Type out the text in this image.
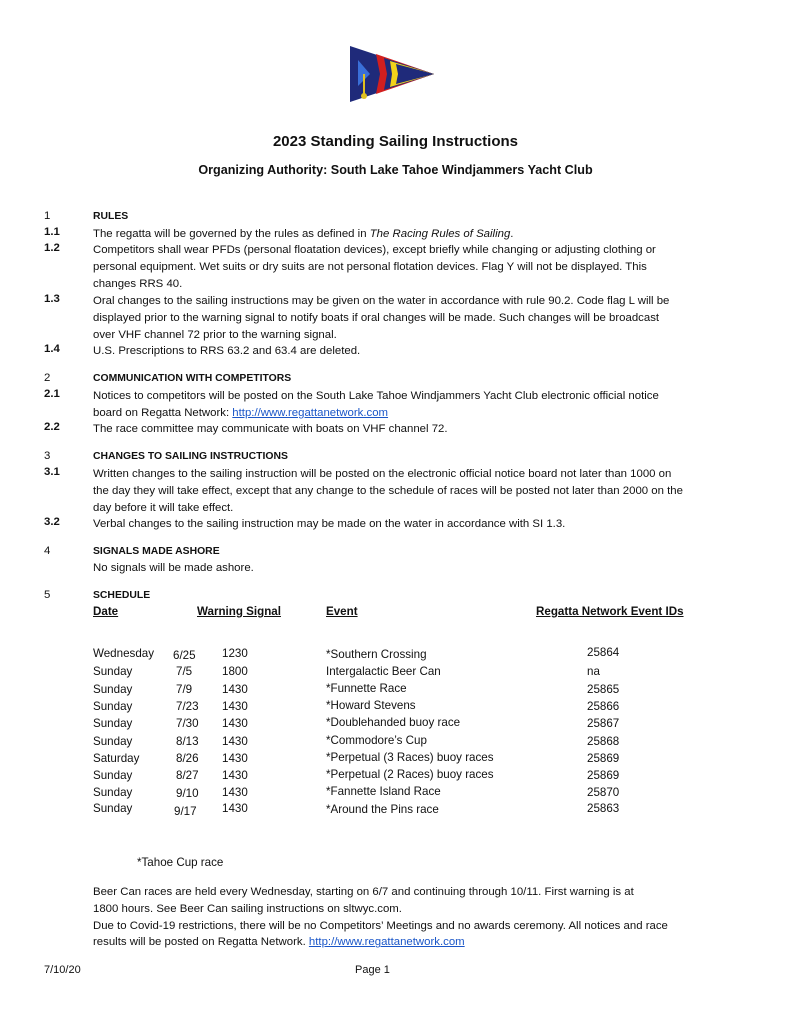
2023 Standing Sailing Instructions
Organizing Authority: South Lake Tahoe Windjammers Yacht Club
1	RULES
1.1	The regatta will be governed by the rules as defined in The Racing Rules of Sailing.
1.2	Competitors shall wear PFDs (personal floatation devices), except briefly while changing or adjusting clothing or
personal equipment. Wet suits or dry suits are not personal flotation devices. Flag Y will not be displayed. This
changes RRS 40.
1.3	Oral changes to the sailing instructions may be given on the water in accordance with rule 90.2. Code flag L will be
displayed prior to the warning signal to notify boats if oral changes will be made. Such changes will be broadcast
over VHF channel 72 prior to the warning signal.
1.4	U.S. Prescriptions to RRS 63.2 and 63.4 are deleted.
2	COMMUNICATION WITH COMPETITORS
2.1	Notices to competitors will be posted on the South Lake Tahoe Windjammers Yacht Club electronic official notice
board on Regatta Network: http://www.regattanetwork.com
2.2	The race committee may communicate with boats on VHF channel 72.
3	CHANGES TO SAILING INSTRUCTIONS
3.1	Written changes to the sailing instruction will be posted on the electronic official notice board not later than 1000 on
the day they will take effect, except that any change to the schedule of races will be posted not later than 2000 on the
day before it will take effect.
3.2	Verbal changes to the sailing instruction may be made on the water in accordance with SI 1.3.
4	SIGNALS MADE ASHORE
No signals will be made ashore.
5	SCHEDULE
Date	Warning Signal	Event	Regatta Network Event IDs
Wednesday 6/25 1230	*Southern Crossing	25864
Sunday	7/5	1800	Intergalactic Beer Can	na
Sunday	7/9	1430	*Funnette Race	25865
Sunday	7/23 1430	*Howard Stevens	25866
Sunday	7/30 1430	*Doublehanded buoy race	25867
Sunday	8/13 1430	*Commodore’s Cup	25868
Saturday	8/26 1430	*Perpetual (3 Races) buoy races	25869
Sunday	8/27 1430	*Perpetual (2 Races) buoy races	25869
Sunday	9/10 1430	*Fannette Island Race	25870
Sunday	9/17 1430	*Around the Pins race	25863
*Tahoe Cup race
Beer Can races are held every Wednesday, starting on 6/7 and continuing through 10/11. First warning is at
1800 hours. See Beer Can sailing instructions on sltwyc.com.
Due to Covid-19 restrictions, there will be no Competitors’ Meetings and no awards ceremony. All notices and race
results will be posted on Regatta Network. http://www.regattanetwork.com
7/10/20	Page 1
